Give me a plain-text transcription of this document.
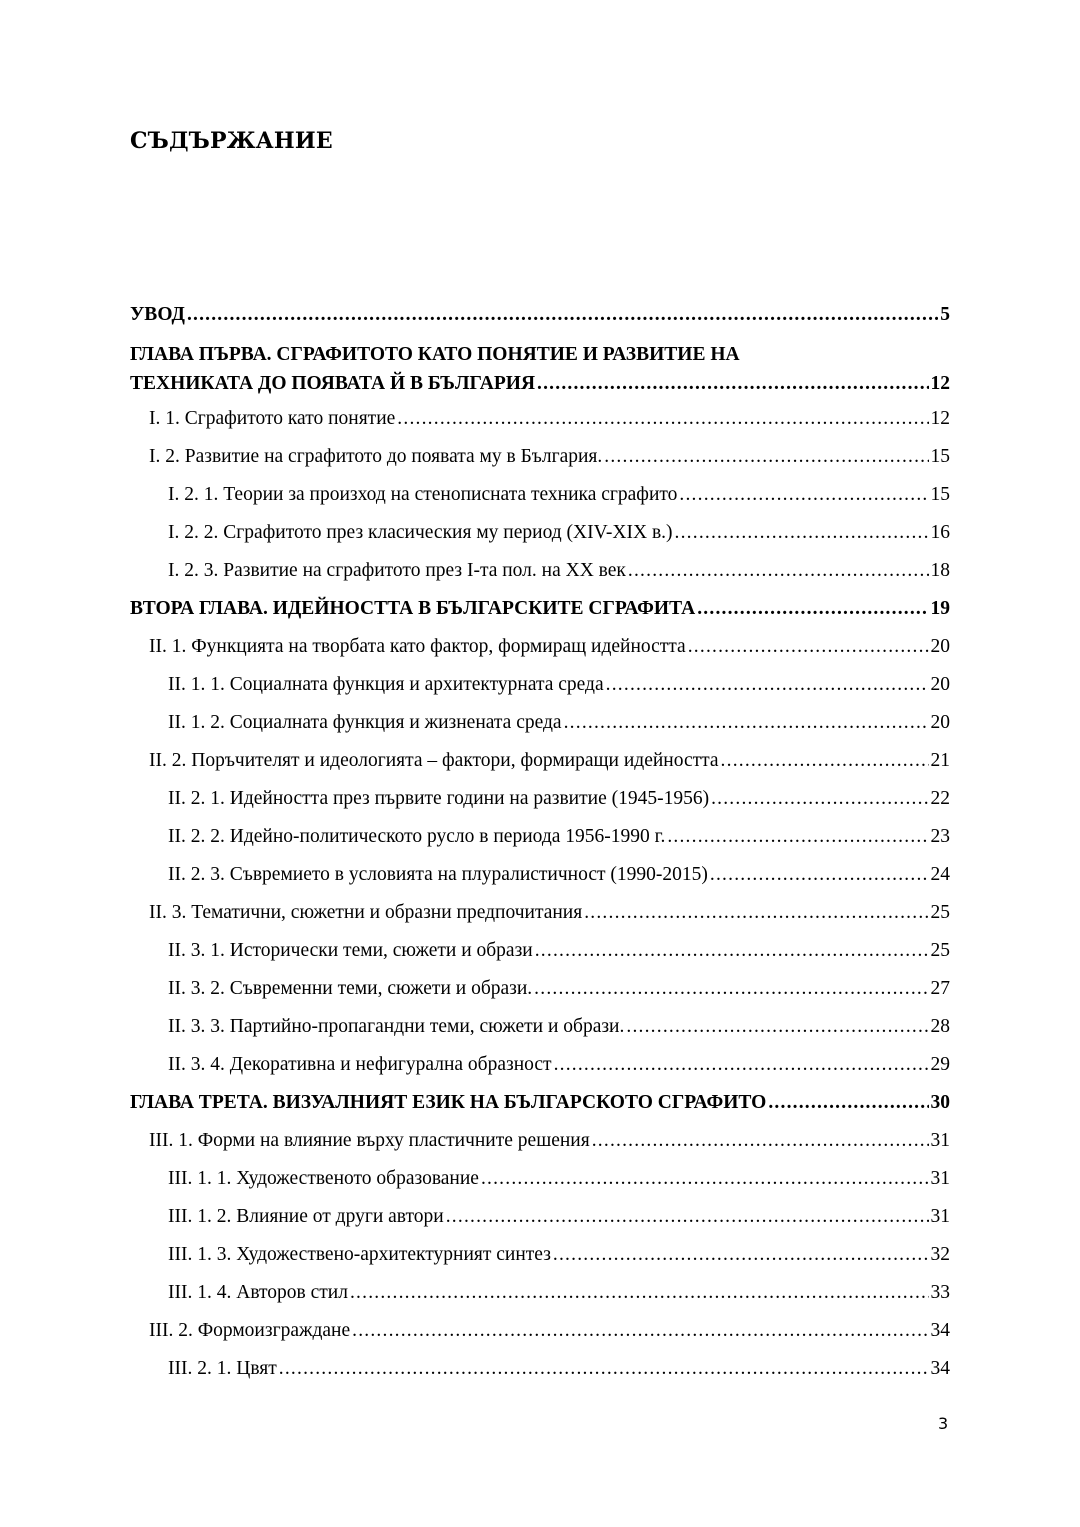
СЪДЪРЖАНИЕ
УВОД .....	5
ГЛАВА ПЪРВА. СГРАФИТОТО КАТО ПОНЯТИЕ И РАЗВИТИЕ НА
ТЕХНИКАТА ДО ПОЯВАТА Й В БЪЛГАРИЯ .....	12
I. 1. Сграфитото като понятие .....	12
I. 2. Развитие на сграфитото до появата му в България. .....	15
I. 2. 1. Теории за произход на стенописната техника сграфито .....	15
I. 2. 2. Сграфитото през класическия му период (XIV-XIX в.) .....	16
I. 2. 3. Развитие на сграфитото през I-та пол. на XX век .....	18
ВТОРА ГЛАВА. ИДЕЙНОСТТА В БЪЛГАРСКИТЕ СГРАФИТА .....	19
II. 1. Функцията на творбата като фактор, формиращ идейността .....	20
II. 1. 1. Социалната функция и архитектурната среда .....	20
II. 1. 2. Социалната функция и жизнената среда .....	20
II. 2. Поръчителят и идеологията – фактори, формиращи идейността .....	21
II. 2. 1. Идейността през първите години на развитие (1945-1956) .....	22
II. 2. 2. Идейно-политическото русло в периода 1956-1990 г. .....	23
II. 2. 3. Съвремието в условията на плуралистичност (1990-2015) .....	24
II. 3. Тематични, сюжетни и образни предпочитания .....	25
II. 3. 1. Исторически теми, сюжети и образи .....	25
II. 3. 2. Съвременни теми, сюжети и образи. .....	27
II. 3. 3. Партийно-пропагандни теми, сюжети и образи. .....	28
II. 3. 4. Декоративна и нефигурална образност .....	29
ГЛАВА ТРЕТА. ВИЗУАЛНИЯТ ЕЗИК НА БЪЛГАРСКОТО СГРАФИТО .....	30
III. 1. Форми на влияние върху пластичните решения .....	31
III. 1. 1. Художественото образование .....	31
III. 1. 2. Влияние от други автори .....	31
III. 1. 3. Художествено-архитектурният синтез .....	32
III. 1. 4. Авторов стил .....	33
III. 2. Формоизграждане .....	34
III. 2. 1. Цвят .....	34
3
